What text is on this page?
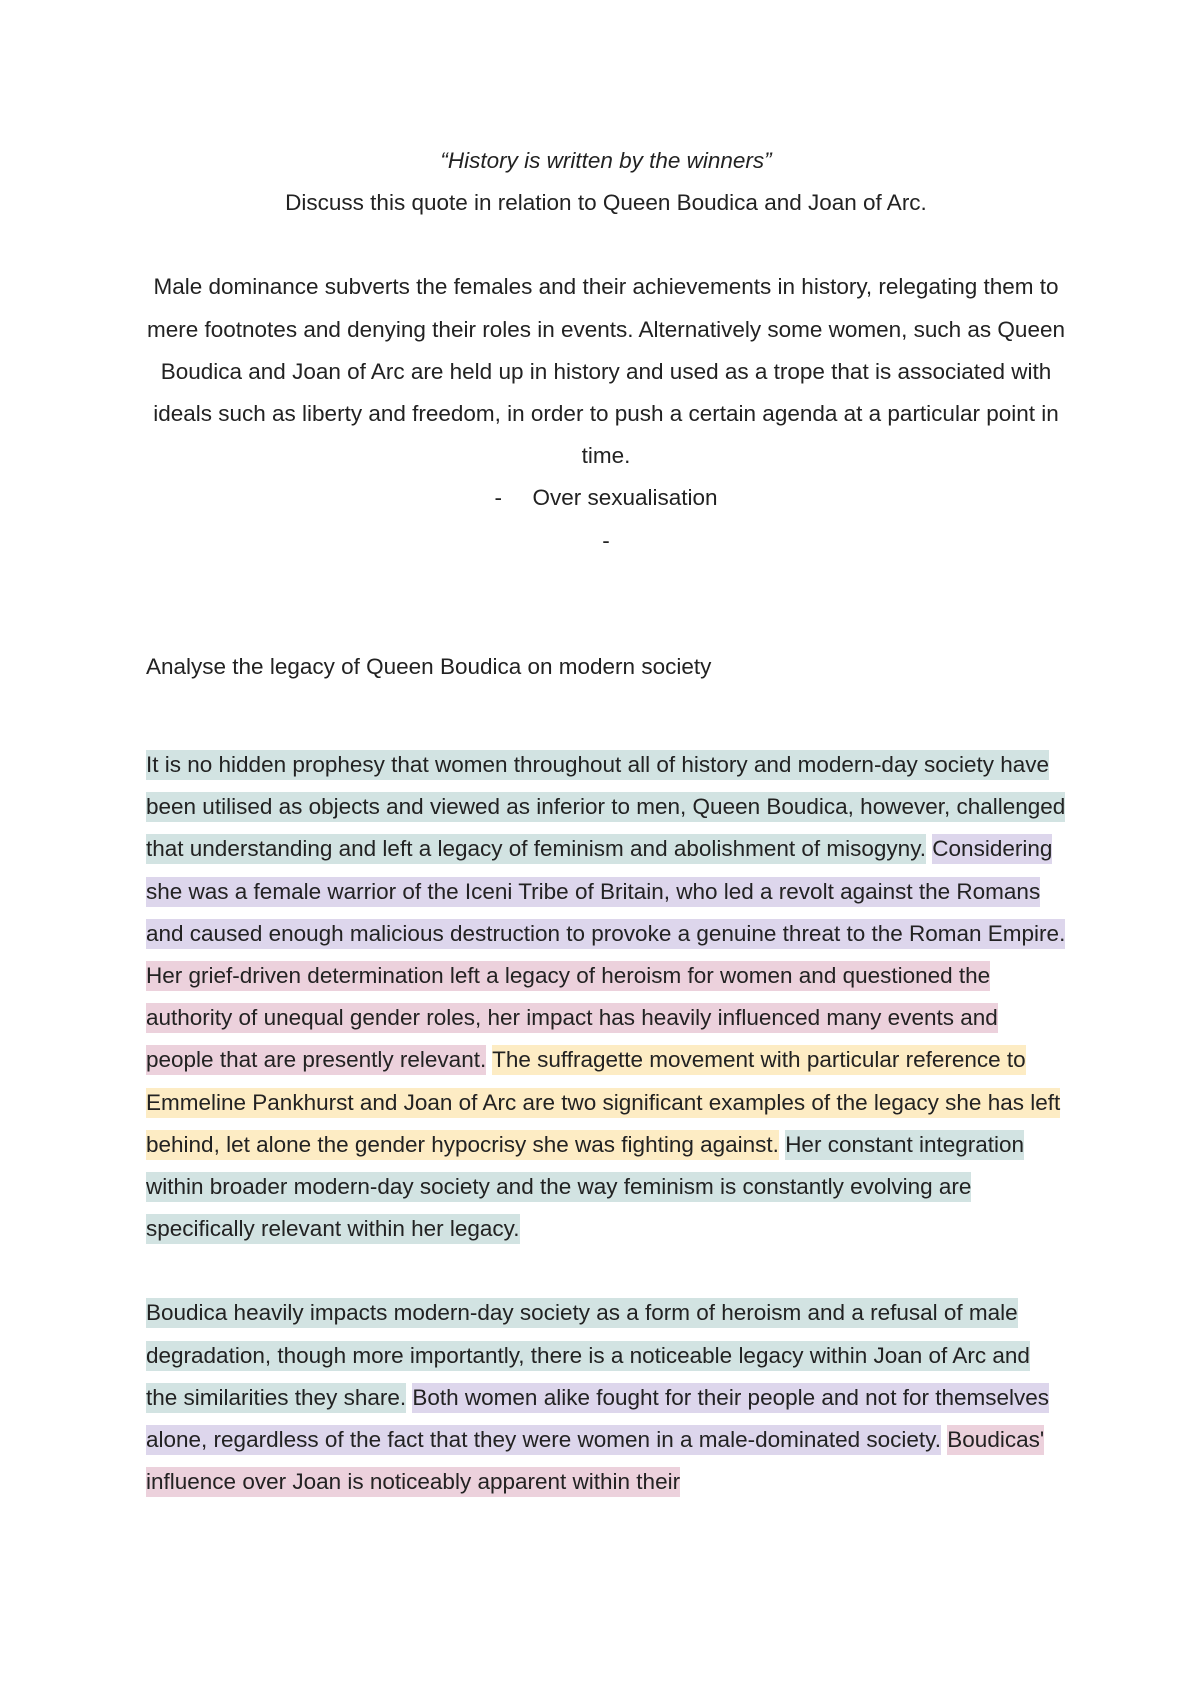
“History is written by the winners”

Discuss this quote in relation to Queen Boudica and Joan of Arc.

Male dominance subverts the females and their achievements in history, relegating them to mere footnotes and denying their roles in events. Alternatively some women, such as Queen Boudica and Joan of Arc are held up in history and used as a trope that is associated with ideals such as liberty and freedom, in order to push a certain agenda at a particular point in time.

- Over sexualisation

-

Analyse the legacy of Queen Boudica on modern society

It is no hidden prophesy that women throughout all of history and modern-day society have been utilised as objects and viewed as inferior to men, Queen Boudica, however, challenged that understanding and left a legacy of feminism and abolishment of misogyny. Considering she was a female warrior of the Iceni Tribe of Britain, who led a revolt against the Romans and caused enough malicious destruction to provoke a genuine threat to the Roman Empire. Her grief-driven determination left a legacy of heroism for women and questioned the authority of unequal gender roles, her impact has heavily influenced many events and people that are presently relevant. The suffragette movement with particular reference to Emmeline Pankhurst and Joan of Arc are two significant examples of the legacy she has left behind, let alone the gender hypocrisy she was fighting against. Her constant integration within broader modern-day society and the way feminism is constantly evolving are specifically relevant within her legacy.

Boudica heavily impacts modern-day society as a form of heroism and a refusal of male degradation, though more importantly, there is a noticeable legacy within Joan of Arc and the similarities they share. Both women alike fought for their people and not for themselves alone, regardless of the fact that they were women in a male-dominated society. Boudicas' influence over Joan is noticeably apparent within their
